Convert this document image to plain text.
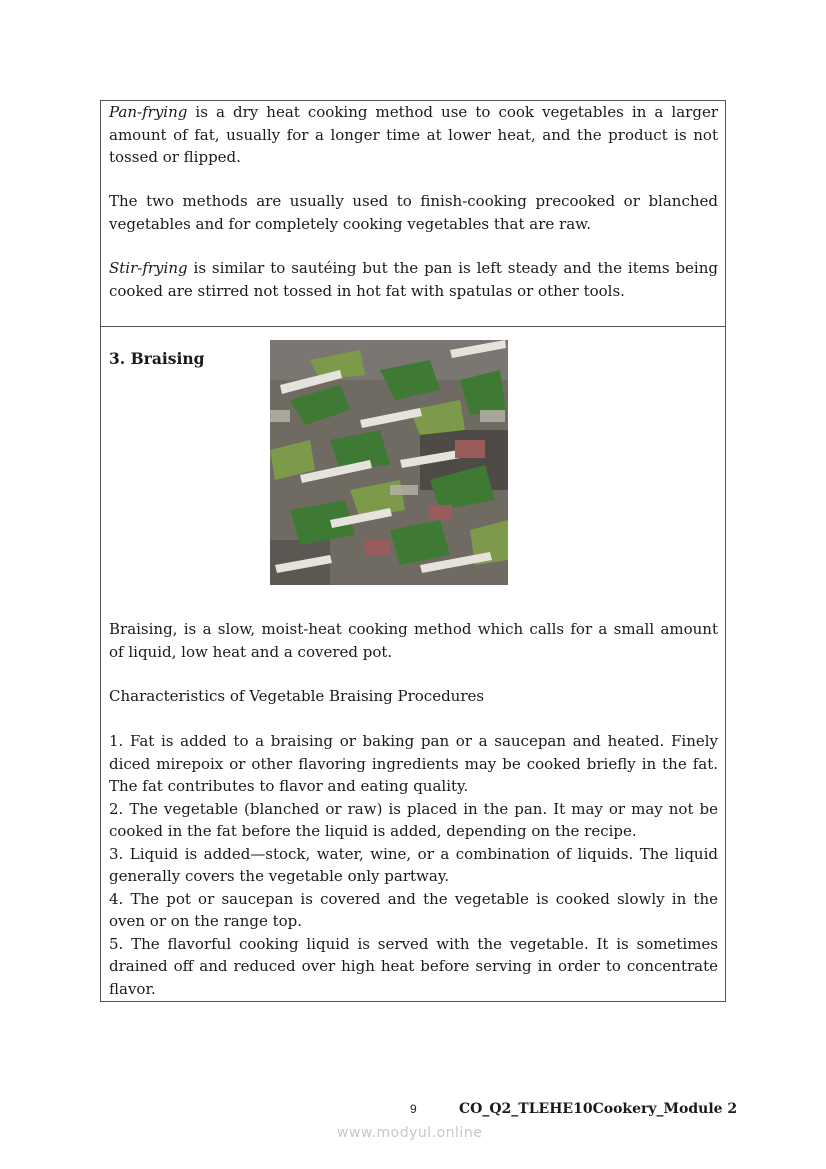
Pan-frying is a dry heat cooking method use to cook vegetables in a larger amount of fat, usually for a longer time at lower heat, and the product is not tossed or flipped.

The two methods are usually used to finish-cooking precooked or blanched vegetables and for completely cooking vegetables that are raw.

Stir-frying is similar to sautéing but the pan is left steady and the items being cooked are stirred not tossed in hot fat with spatulas or other tools.

3. Braising

Braising, is a slow, moist-heat cooking method which calls for a small amount of liquid, low heat and a covered pot.

Characteristics of Vegetable Braising Procedures

1. Fat is added to a braising or baking pan or a saucepan and heated. Finely diced mirepoix or other flavoring ingredients may be cooked briefly in the fat. The fat contributes to flavor and eating quality.

2. The vegetable (blanched or raw) is placed in the pan. It may or may not be cooked in the fat before the liquid is added, depending on the recipe.

3. Liquid is added—stock, water, wine, or a combination of liquids. The liquid generally covers the vegetable only partway.

4. The pot or saucepan is covered and the vegetable is cooked slowly in the oven or on the range top.

5. The flavorful cooking liquid is served with the vegetable. It is sometimes drained off and reduced over high heat before serving in order to concentrate flavor.

9	CO_Q2_TLEHE10Cookery_Module 2
www.modyul.online
